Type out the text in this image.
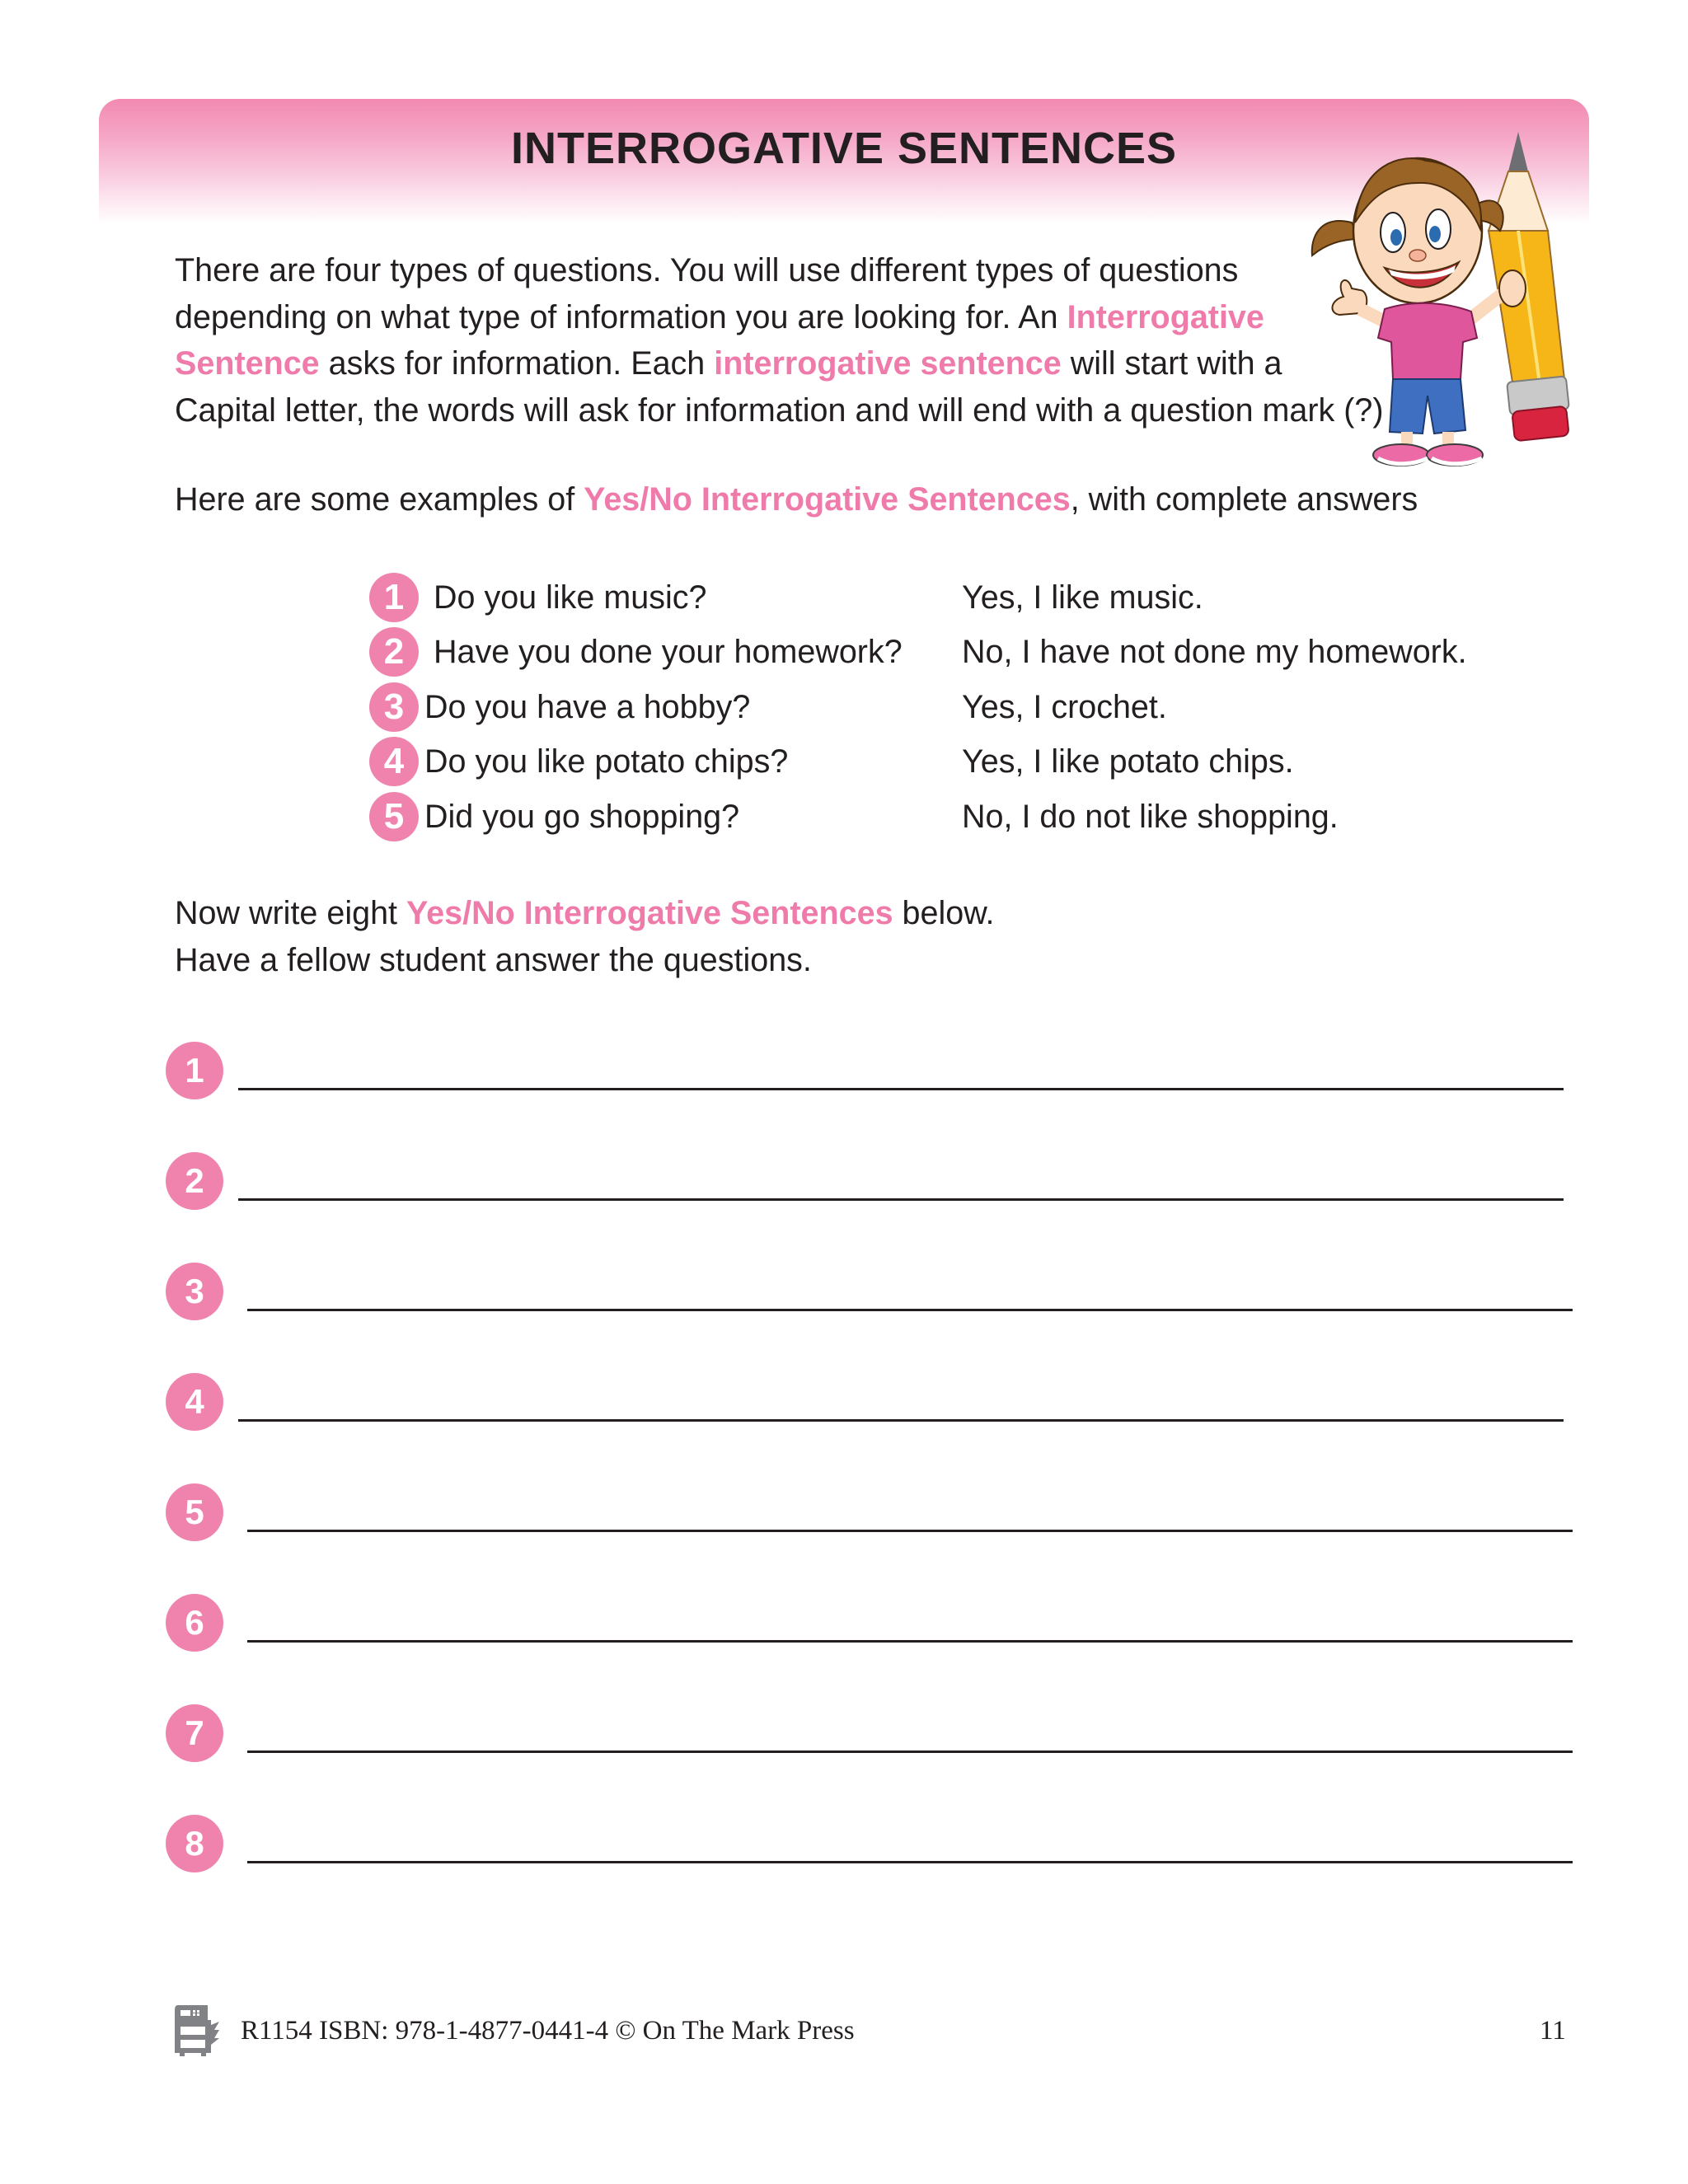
INTERROGATIVE SENTENCES

There are four types of questions. You will use different types of questions

depending on what type of information you are looking for. An Interrogative

Sentence asks for information. Each interrogative sentence will start with a

Capital letter, the words will ask for information and will end with a question mark (?)

Here are some examples of Yes/No Interrogative Sentences, with complete answers
1 Do you like music?	Yes, I like music.
2 Have you done your homework? No, I have not done my homework.
3 Do you have a hobby?	Yes, I crochet.
4 Do you like potato chips?	Yes, I like potato chips.
5 Did you go shopping?	No, I do not like shopping.

Now write eight Yes/No Interrogative Sentences below.

Have a fellow student answer the questions.

1
2
3
4
5
6
7
8
R1154 ISBN: 978-1-4877-0441-4 © On The Mark Press	11
